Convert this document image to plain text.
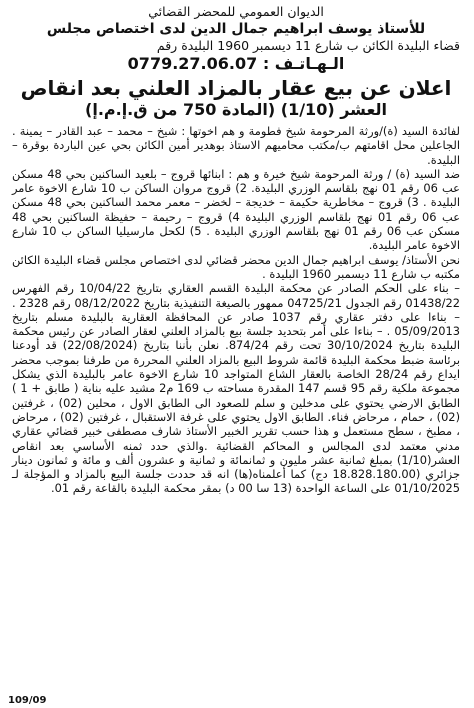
الديوان العمومي للمحضر القضائي
للأستاذ يوسف ابراهيم جمال الدين لدى اختصاص مجلس
قضاء البليدة الكائن ب شارع 11 ديسمبر 1960 البليدة رقم
0779.27.06.07 الـهـاتـف :
اعلان عن بيع عقار بالمزاد العلني بعد انقاص
العشر (1/10) (المادة 750 من ق.إ.م.إ)

لفائدة السيد (ة)/ورثة المرحومة شيخ فطومة و هم اخوتها : شيخ – محمد – عبد القادر – يمينة . الجاعلين محل اقامتهم ب/مكتب محاميهم الاستاذ بوهدير أمين الكائن بحي عين الباردة بوقرة – البليدة.

ضد السيد (ة) / ورثة المرحومة شيخ خيرة و هم : ابنائها قروج – بلعيد الساكنين بحي 48 مسكن عب 06 رقم 01 نهج بلقاسم الوزري البليدة. 2) قروج مروان الساكن ب 10 شارع الاخوة عامر البليدة . 3) قروج – مخاطرية حكيمة – خديجة – لخضر – معمر محمد الساكنين بحي 48 مسكن عب 06 رقم 01 نهج بلقاسم الوزري البليدة 4) قروج – رحيمة – حفيظة الساكنين بحي 48 مسكن عب 06 رقم 01 نهج بلقاسم الوزري البليدة . 5) لكحل مارسيليا الساكن ب 10 شارع الاخوة عامر البليدة.

نحن الأستاذ/ يوسف ابراهيم جمال الدين محضر قضائي لدى اختصاص مجلس قضاء البليدة الكائن مكتبه ب شارع 11 ديسمبر 1960 البليدة .

– بناء على الحكم الصادر عن محكمة البليدة القسم العقاري بتاريخ 10/04/22 رقم الفهرس 01438/22 رقم الجدول 04725/21 ممهور بالصيغة التنفيذية بتاريخ 08/12/2022 رقم 2328 . – بناءا على دفتر عقاري رقم 1037 صادر عن المحافظة العقارية بالبليدة مسلم بتاريخ 05/09/2013 . – بناءا على أمر بتحديد جلسة بيع بالمزاد العلني لعقار الصادر عن رئيس محكمة البليدة بتاريخ 30/10/2024 تحت رقم 874/24. نعلن بأننا بتاريخ (22/08/2024) قد أودعنا برئاسة ضبط محكمة البليدة قائمة شروط البيع بالمزاد العلني المحررة من طرفنا بموجب محضر ايداع رقم 28/24 الخاصة بالعقار الشاع المتواجد 10 شارع الاخوة عامر بالبليدة الذي يشكل مجموعة ملكية رقم 95 قسم 147 المقدرة مساحته ب 169 م2 مشيد عليه بناية ( طابق + 1 ) الطابق الارضي يحتوي على مدخلين و سلم للصعود الى الطابق الاول ، محلين (02) ، غرفتين (02) ، حمام ، مرحاض فناء. الطابق الاول يحتوي على غرفة الاستقبال ، غرفتين (02) ، مرحاض ، مطبخ ، سطح مستعمل و هذا حسب تقرير الخبير الأستاذ شارف مصطفى خبير قضائي عقاري مدني معتمد لدى المجالس و المحاكم القضائية .والذي حدد ثمنه الأساسي بعد انقاص العشر(1/10) بمبلغ ثمانية عشر مليون و ثمانمائة و ثمانية و عشرون ألف و مائة و ثمانون دينار جزائري (18.828.180.00 دج) كما أعلمناه(ها) انه قد حددت جلسة البيع بالمزاد و المؤجلة لـ 01/10/2025 على الساعة الواحدة (13 سا 00 د) بمقر محكمة البليدة بالقاعة رقم 01.

109/09
